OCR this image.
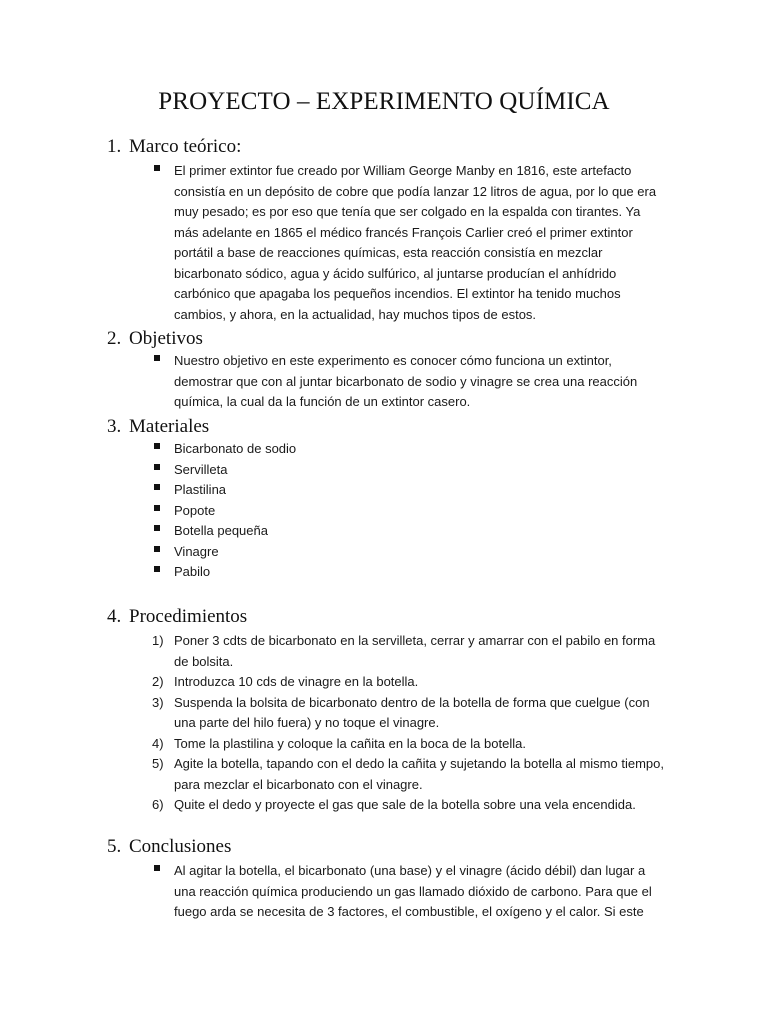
PROYECTO – EXPERIMENTO QUÍMICA
1. Marco teórico:
El primer extintor fue creado por William George Manby en 1816, este artefacto consistía en un depósito de cobre que podía lanzar 12 litros de agua, por lo que era muy pesado; es por eso que tenía que ser colgado en la espalda con tirantes. Ya más adelante en 1865 el médico francés François Carlier creó el primer extintor portátil a base de reacciones químicas, esta reacción consistía en mezclar bicarbonato sódico, agua y ácido sulfúrico, al juntarse producían el anhídrido carbónico que apagaba los pequeños incendios. El extintor ha tenido muchos cambios, y ahora, en la actualidad, hay muchos tipos de estos.
2. Objetivos
Nuestro objetivo en este experimento es conocer cómo funciona un extintor, demostrar que con al juntar bicarbonato de sodio y vinagre se crea una reacción química, la cual da la función de un extintor casero.
3. Materiales
Bicarbonato de sodio
Servilleta
Plastilina
Popote
Botella pequeña
Vinagre
Pabilo
4. Procedimientos
1) Poner 3 cdts de bicarbonato en la servilleta, cerrar y amarrar con el pabilo en forma de bolsita.
2) Introduzca 10 cds de vinagre en la botella.
3) Suspenda la bolsita de bicarbonato dentro de la botella de forma que cuelgue (con una parte del hilo fuera) y no toque el vinagre.
4) Tome la plastilina y coloque la cañita en la boca de la botella.
5) Agite la botella, tapando con el dedo la cañita y sujetando la botella al mismo tiempo, para mezclar el bicarbonato con el vinagre.
6) Quite el dedo y proyecte el gas que sale de la botella sobre una vela encendida.
5. Conclusiones
Al agitar la botella, el bicarbonato (una base) y el vinagre (ácido débil) dan lugar a una reacción química produciendo un gas llamado dióxido de carbono. Para que el fuego arda se necesita de 3 factores, el combustible, el oxígeno y el calor. Si este
